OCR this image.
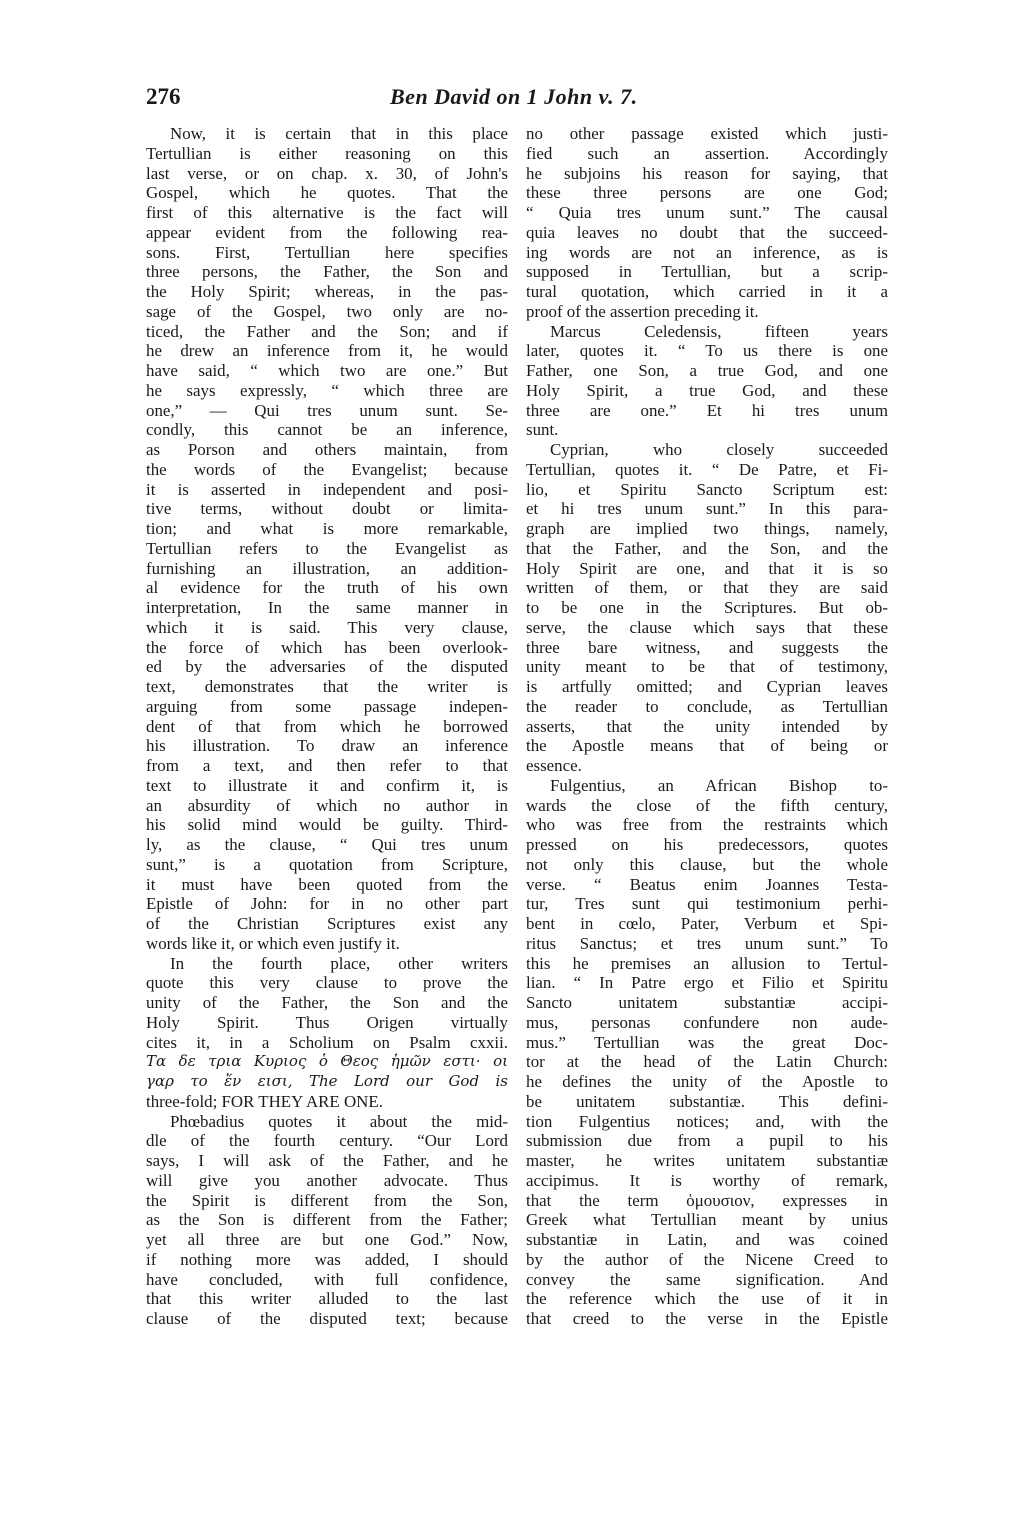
276	Ben David on 1 John v. 7.
Now, it is certain that in this place
Tertullian is either reasoning on this
last verse, or on chap. x. 30, of John's
Gospel, which he quotes. That the
first of this alternative is the fact will
appear evident from the following rea-
sons. First, Tertullian here specifies
three persons, the Father, the Son and
the Holy Spirit; whereas, in the pas-
sage of the Gospel, two only are no-
ticed, the Father and the Son; and if
he drew an inference from it, he would
have said, “ which two are one.” But
he says expressly, “ which three are
one,” — Qui tres unum sunt. Se-
condly, this cannot be an inference,
as Porson and others maintain, from
the words of the Evangelist; because
it is asserted in independent and posi-
tive terms, without doubt or limita-
tion; and what is more remarkable,
Tertullian refers to the Evangelist as
furnishing an illustration, an addition-
al evidence for the truth of his own
interpretation, In the same manner in
which it is said. This very clause,
the force of which has been overlook-
ed by the adversaries of the disputed
text, demonstrates that the writer is
arguing from some passage indepen-
dent of that from which he borrowed
his illustration. To draw an inference
from a text, and then refer to that
text to illustrate it and confirm it, is
an absurdity of which no author in
his solid mind would be guilty. Third-
ly, as the clause, “ Qui tres unum
sunt,” is a quotation from Scripture,
it must have been quoted from the
Epistle of John: for in no other part
of the Christian Scriptures exist any
words like it, or which even justify it.
In the fourth place, other writers
quote this very clause to prove the
unity of the Father, the Son and the
Holy Spirit. Thus Origen virtually
cites it, in a Scholium on Psalm cxxii.
Τα δε τρια Κυριος ὁ Θεος ἡμῶν εστι· οι
γαρ το ἕν εισι, The Lord our God is
three-fold; FOR THEY ARE ONE.
Phœbadius quotes it about the mid-
dle of the fourth century. “Our Lord
says, I will ask of the Father, and he
will give you another advocate. Thus
the Spirit is different from the Son,
as the Son is different from the Father;
yet all three are but one God.” Now,
if nothing more was added, I should
have concluded, with full confidence,
that this writer alluded to the last
clause of the disputed text; because
no other passage existed which justi-
fied such an assertion. Accordingly
he subjoins his reason for saying, that
these three persons are one God;
“ Quia tres unum sunt.” The causal
quia leaves no doubt that the succeed-
ing words are not an inference, as is
supposed in Tertullian, but a scrip-
tural quotation, which carried in it a
proof of the assertion preceding it.
Marcus Celedensis, fifteen years
later, quotes it. “ To us there is one
Father, one Son, a true God, and one
Holy Spirit, a true God, and these
three are one.” Et hi tres unum
sunt.
Cyprian, who closely succeeded
Tertullian, quotes it. “ De Patre, et Fi-
lio, et Spiritu Sancto Scriptum est:
et hi tres unum sunt.” In this para-
graph are implied two things, namely,
that the Father, and the Son, and the
Holy Spirit are one, and that it is so
written of them, or that they are said
to be one in the Scriptures. But ob-
serve, the clause which says that these
three bare witness, and suggests the
unity meant to be that of testimony,
is artfully omitted; and Cyprian leaves
the reader to conclude, as Tertullian
asserts, that the unity intended by
the Apostle means that of being or
essence.
Fulgentius, an African Bishop to-
wards the close of the fifth century,
who was free from the restraints which
pressed on his predecessors, quotes
not only this clause, but the whole
verse. “ Beatus enim Joannes Testa-
tur, Tres sunt qui testimonium perhi-
bent in cœlo, Pater, Verbum et Spi-
ritus Sanctus; et tres unum sunt.” To
this he premises an allusion to Tertul-
lian. “ In Patre ergo et Filio et Spiritu
Sancto unitatem substantiæ accipi-
mus, personas confundere non aude-
mus.” Tertullian was the great Doc-
tor at the head of the Latin Church:
he defines the unity of the Apostle to
be unitatem substantiæ. This defini-
tion Fulgentius notices; and, with the
submission due from a pupil to his
master, he writes unitatem substantiæ
accipimus. It is worthy of remark,
that the term ὁμουσιον, expresses in
Greek what Tertullian meant by unius
substantiæ in Latin, and was coined
by the author of the Nicene Creed to
convey the same signification. And
the reference which the use of it in
that creed to the verse in the Epistle
